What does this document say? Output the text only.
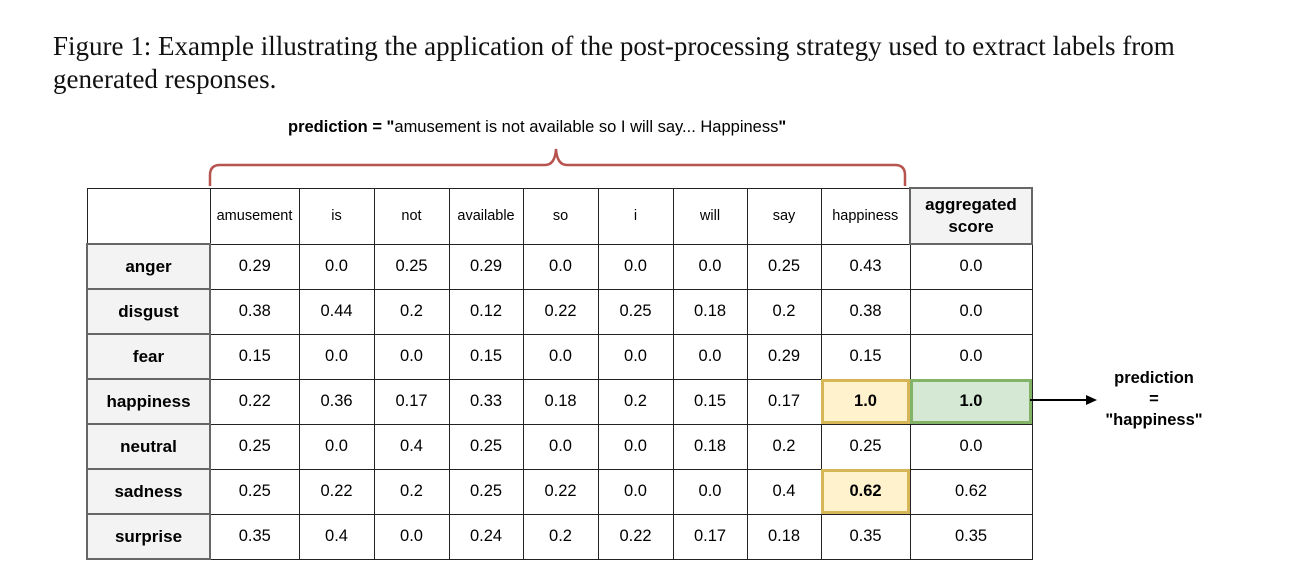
Figure 1: Example illustrating the application of the post-processing strategy used to extract labels from generated responses.
prediction = "amusement is not available so I will say... Happiness"
	amusement	is	not	available	so	i	will	say	happiness	aggregated
score
anger	0.29	0.0	0.25	0.29	0.0	0.0	0.0	0.25	0.43	0.0
disgust	0.38	0.44	0.2	0.12	0.22	0.25	0.18	0.2	0.38	0.0
fear	0.15	0.0	0.0	0.15	0.0	0.0	0.0	0.29	0.15	0.0
happiness	0.22	0.36	0.17	0.33	0.18	0.2	0.15	0.17	1.0	1.0
neutral	0.25	0.0	0.4	0.25	0.0	0.0	0.18	0.2	0.25	0.0
sadness	0.25	0.22	0.2	0.25	0.22	0.0	0.0	0.4	0.62	0.62
surprise	0.35	0.4	0.0	0.24	0.2	0.22	0.17	0.18	0.35	0.35
prediction
=
"happiness"
